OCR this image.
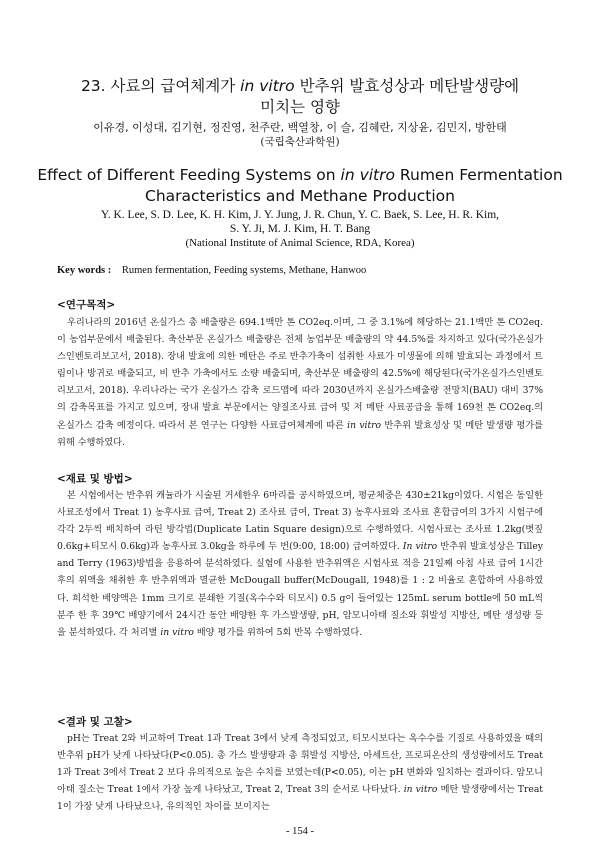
23. 사료의 급여체계가 in vitro 반추위 발효성상과 메탄발생량에
미치는 영향
이유경, 이성대, 김기현, 정진영, 천주란, 백열창, 이 슬, 김혜란, 지상윤, 김민지, 방한태
(국립축산과학원)
Effect of Different Feeding Systems on in vitro Rumen Fermentation
Characteristics and Methane Production
Y. K. Lee, S. D. Lee, K. H. Kim, J. Y. Jung, J. R. Chun, Y. C. Baek, S. Lee, H. R. Kim,
S. Y. Ji, M. J. Kim, H. T. Bang
(National Institute of Animal Science, RDA, Korea)
Key words : Rumen fermentation, Feeding systems, Methane, Hanwoo
<연구목적>
우리나라의 2016년 온실가스 총 배출량은 694.1백만 톤 CO2eq.이며, 그 중 3.1%에 해당하는 21.1백만 톤 CO2eq.이 농업부문에서 배출된다. 축산부문 온실가스 배출량은 전체 농업부문 배출량의 약 44.5%를 차지하고 있다(국가온실가스인벤토리보고서, 2018). 장내 발효에 의한 메탄은 주로 반추가축이 섭취한 사료가 미생물에 의해 발효되는 과정에서 트림이나 방귀로 배출되고, 비 반추 가축에서도 소량 배출되며, 축산부문 배출량의 42.5%에 해당된다(국가온실가스인벤토리보고서, 2018). 우리나라는 국가 온실가스 감축 로드맵에 따라 2030년까지 온실가스배출량 전망치(BAU) 대비 37%의 감축목표를 가지고 있으며, 장내 발효 부문에서는 양질조사료 급여 및 저 메탄 사료공급을 통해 169천 톤 CO2eq.의 온실가스 감축 예정이다. 따라서 본 연구는 다양한 사료급여체계에 따른 in vitro 반추위 발효성상 및 메탄 발생량 평가를 위해 수행하였다.
<재료 및 방법>
본 시험에서는 반추위 캐뉼라가 시술된 거세한우 6마리를 공시하였으며, 평균체중은 430±21kg이었다. 시험은 동일한 사료조성에서 Treat 1) 농후사료 급여, Treat 2) 조사료 급여, Treat 3) 농후사료와 조사료 혼합급여의 3가지 시험구에 각각 2두씩 배치하여 라틴 방각법(Duplicate Latin Square design)으로 수행하였다. 시험사료는 조사료 1.2kg(볏짚 0.6kg+티모시 0.6kg)과 농후사료 3.0kg을 하루에 두 번(9:00, 18:00) 급여하였다. In vitro 반추위 발효성상은 Tilley and Terry (1963)방법을 응용하여 분석하였다. 실험에 사용한 반추위액은 시험사료 적응 21일째 아침 사료 급여 1시간 후의 위액을 채취한 후 반추위액과 멸균한 McDougall buffer(McDougall, 1948)를 1 : 2 비율로 혼합하여 사용하였다. 희석한 배양액은 1mm 크기로 분쇄한 기질(옥수수와 티모시) 0.5 g이 들어있는 125mL serum bottle에 50 mL씩 분주 한 후 39℃ 배양기에서 24시간 동안 배양한 후 가스발생량, pH, 암모니아태 질소와 휘발성 지방산, 메탄 생성량 등을 분석하였다. 각 처리별 in vitro 배양 평가를 위하여 5회 반복 수행하였다.
<결과 및 고찰>
pH는 Treat 2와 비교하여 Treat 1과 Treat 3에서 낮게 측정되었고, 티모시보다는 옥수수를 기질로 사용하였을 때의 반추위 pH가 낮게 나타났다(P<0.05). 총 가스 발생량과 총 휘발성 지방산, 아세트산, 프로피온산의 생성량에서도 Treat 1과 Treat 3에서 Treat 2 보다 유의적으로 높은 수치를 보였는데(P<0.05), 이는 pH 변화와 일치하는 결과이다. 암모니아태 질소는 Treat 1에서 가장 높게 나타났고, Treat 2, Treat 3의 순서로 나타났다. in vitro 메탄 발생량에서는 Treat 1이 가장 낮게 나타났으나, 유의적인 차이를 보이지는
- 154 -
